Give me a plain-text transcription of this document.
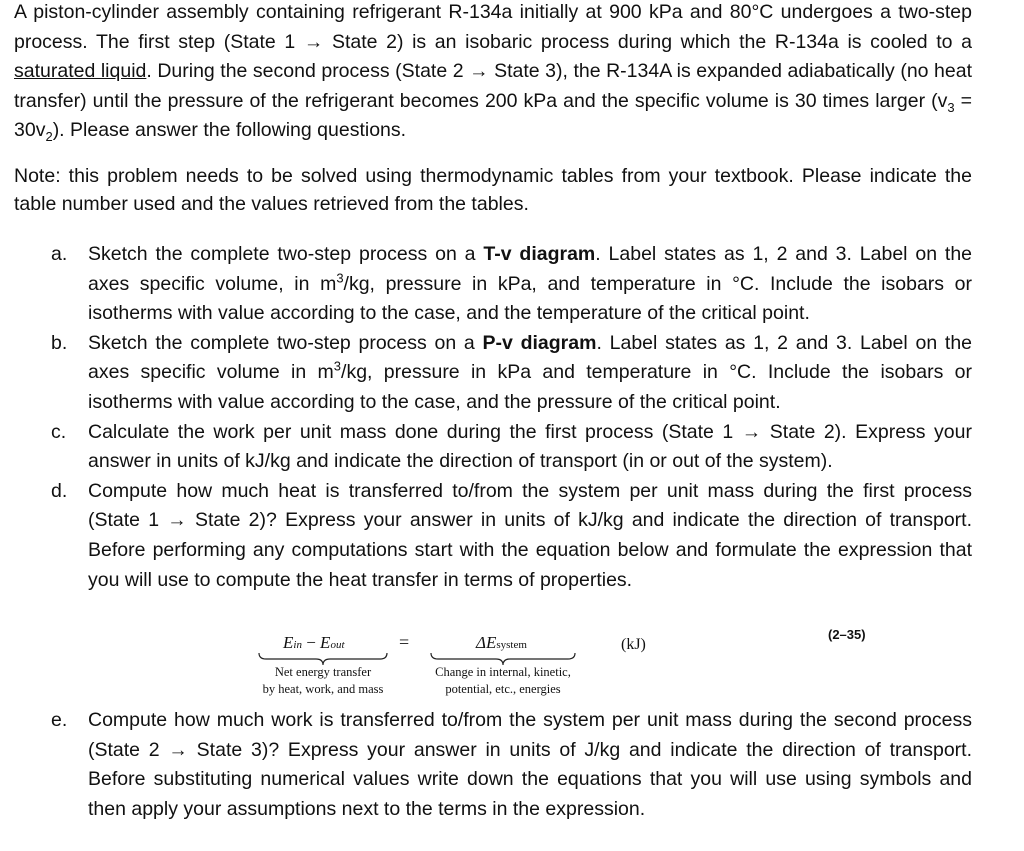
A piston-cylinder assembly containing refrigerant R-134a initially at 900 kPa and 80°C undergoes a two-step process. The first step (State 1 → State 2) is an isobaric process during which the R-134a is cooled to a saturated liquid. During the second process (State 2 → State 3), the R-134A is expanded adiabatically (no heat transfer) until the pressure of the refrigerant becomes 200 kPa and the specific volume is 30 times larger $(v_3 = 30v_2)$. Please answer the following questions.
Note: this problem needs to be solved using thermodynamic tables from your textbook. Please indicate the table number used and the values retrieved from the tables.
a. Sketch the complete two-step process on a T-v diagram. Label states as 1, 2 and 3. Label on the axes specific volume, in $m^3/kg$, pressure in kPa, and temperature in °C. Include the isobars or isotherms with value according to the case, and the temperature of the critical point.
b. Sketch the complete two-step process on a P-v diagram. Label states as 1, 2 and 3. Label on the axes specific volume in $m^3/kg$, pressure in kPa and temperature in °C. Include the isobars or isotherms with value according to the case, and the pressure of the critical point.
c. Calculate the work per unit mass done during the first process (State 1 → State 2). Express your answer in units of kJ/kg and indicate the direction of transport (in or out of the system).
d. Compute how much heat is transferred to/from the system per unit mass during the first process (State 1 → State 2)? Express your answer in units of kJ/kg and indicate the direction of transport. Before performing any computations start with the equation below and formulate the expression that you will use to compute the heat transfer in terms of properties.
Ein − Eout
Net energy transfer
by heat, work, and mass
=	ΔEsystem
Change in internal, kinetic,
potential, etc., energies
(kJ)
(2–35)
e. Compute how much work is transferred to/from the system per unit mass during the second process (State 2 → State 3)? Express your answer in units of J/kg and indicate the direction of transport. Before substituting numerical values write down the equations that you will use using symbols and then apply your assumptions next to the terms in the expression.
